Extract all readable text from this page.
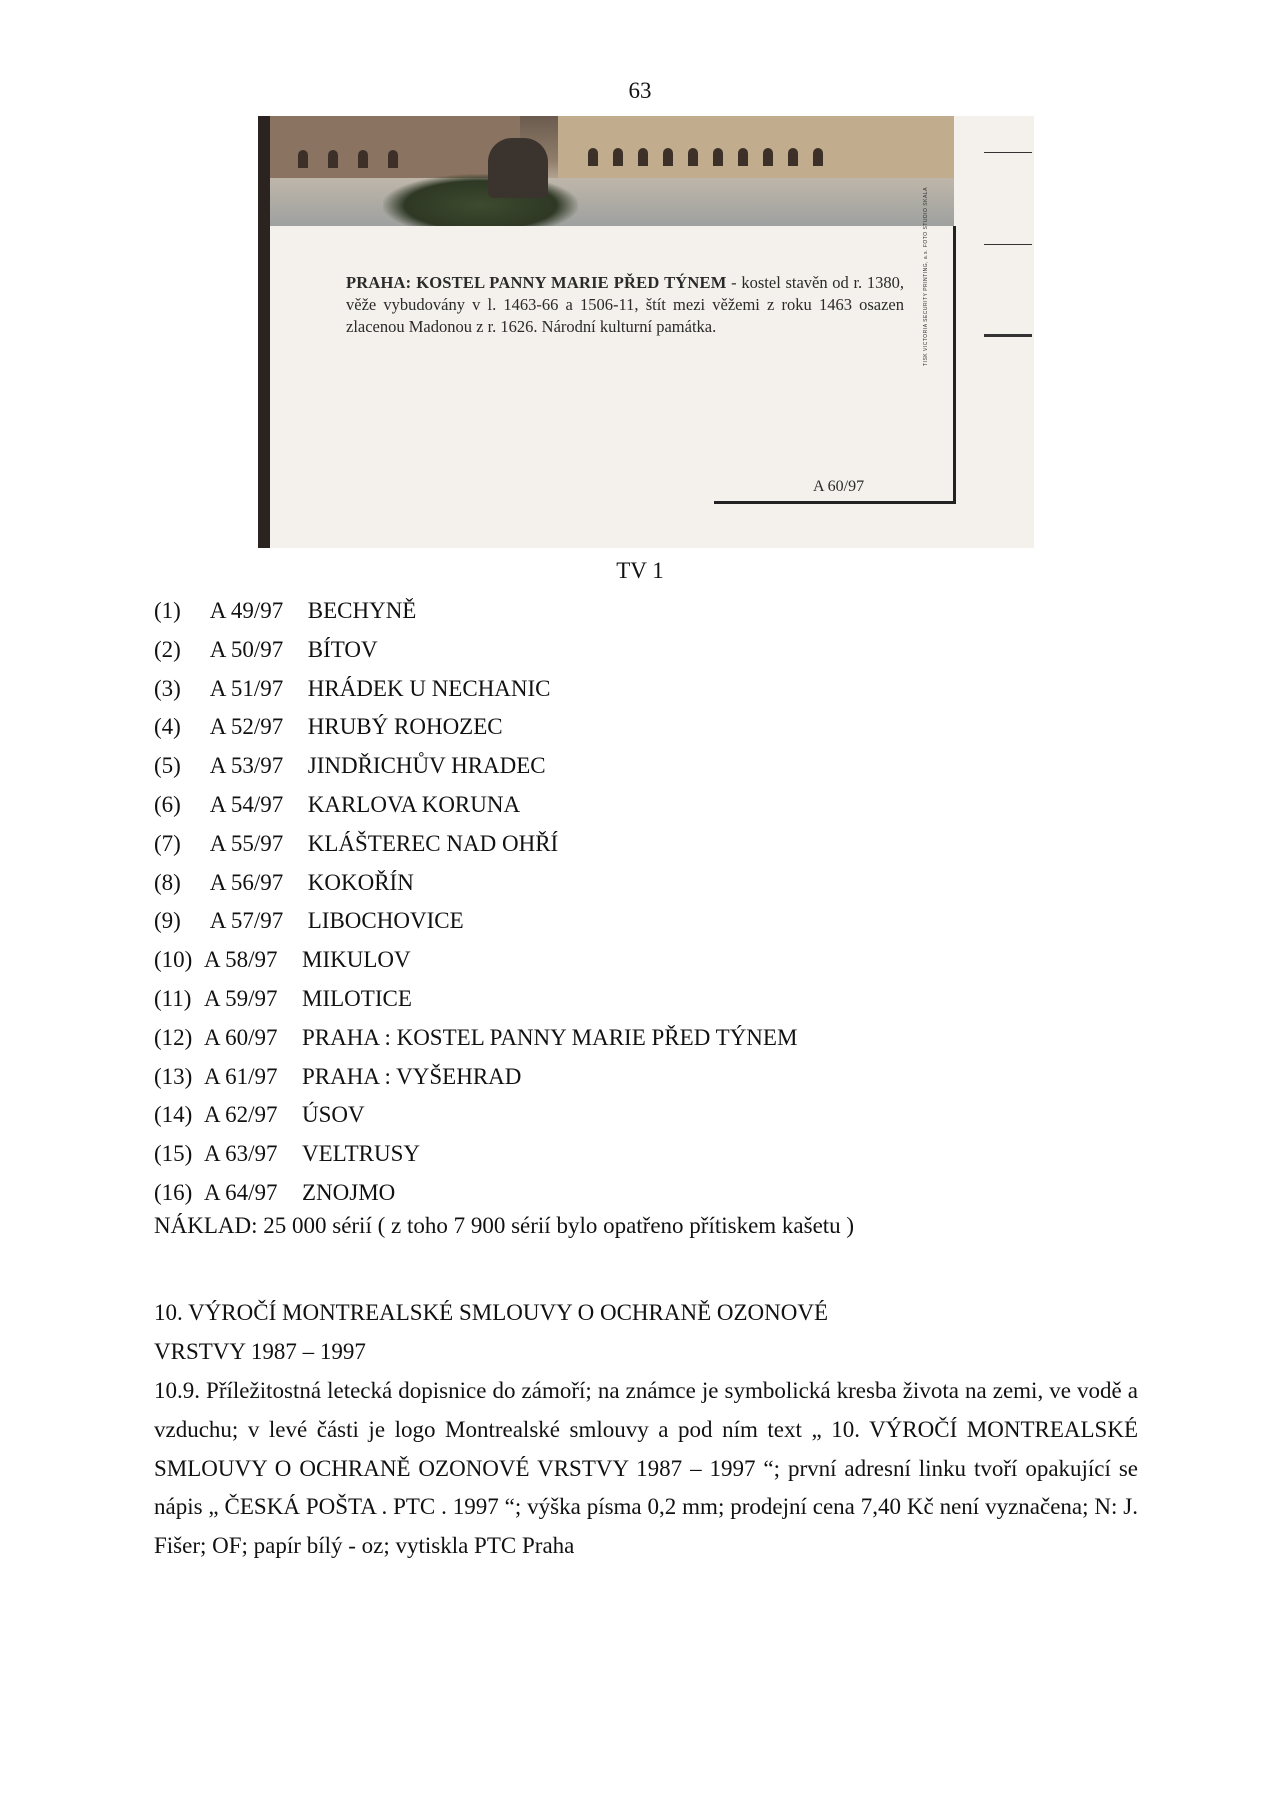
63
PRAHA: KOSTEL PANNY MARIE PŘED TÝNEM - kostel stavěn od r. 1380, věže vybudovány v l. 1463-66 a 1506-11, štít mezi věžemi z roku 1463 osazen zlacenou Madonou z r. 1626. Národní kulturní památka.
A 60/97
TISK VICTORIA SECURITY PRINTING, a.s. FOTO STUDIO SKALA
TV 1
(1) A 49/97 BECHYNĚ
(2) A 50/97 BÍTOV
(3) A 51/97 HRÁDEK U NECHANIC
(4) A 52/97 HRUBÝ ROHOZEC
(5) A 53/97 JINDŘICHŮV HRADEC
(6) A 54/97 KARLOVA KORUNA
(7) A 55/97 KLÁŠTEREC NAD OHŘÍ
(8) A 56/97 KOKOŘÍN
(9) A 57/97 LIBOCHOVICE
(10) A 58/97 MIKULOV
(11) A 59/97 MILOTICE
(12) A 60/97 PRAHA : KOSTEL PANNY MARIE PŘED TÝNEM
(13) A 61/97 PRAHA : VYŠEHRAD
(14) A 62/97 ÚSOV
(15) A 63/97 VELTRUSY
(16) A 64/97 ZNOJMO
NÁKLAD: 25 000 sérií ( z toho 7 900 sérií bylo opatřeno přítiskem kašetu )
10. VÝROČÍ MONTREALSKÉ SMLOUVY O OCHRANĚ OZONOVÉ
VRSTVY 1987 – 1997
10.9. Příležitostná letecká dopisnice do zámoří; na známce je symbolická kresba života na zemi, ve vodě a vzduchu; v levé části je logo Montrealské smlouvy a pod ním text „ 10. VÝROČÍ MONTREALSKÉ SMLOUVY O OCHRANĚ OZONOVÉ VRSTVY 1987 – 1997 “; první adresní linku tvoří opakující se nápis „ ČESKÁ POŠTA . PTC . 1997 “; výška písma 0,2 mm; prodejní cena 7,40 Kč není vyznačena; N: J. Fišer; OF; papír bílý - oz; vytiskla PTC Praha
